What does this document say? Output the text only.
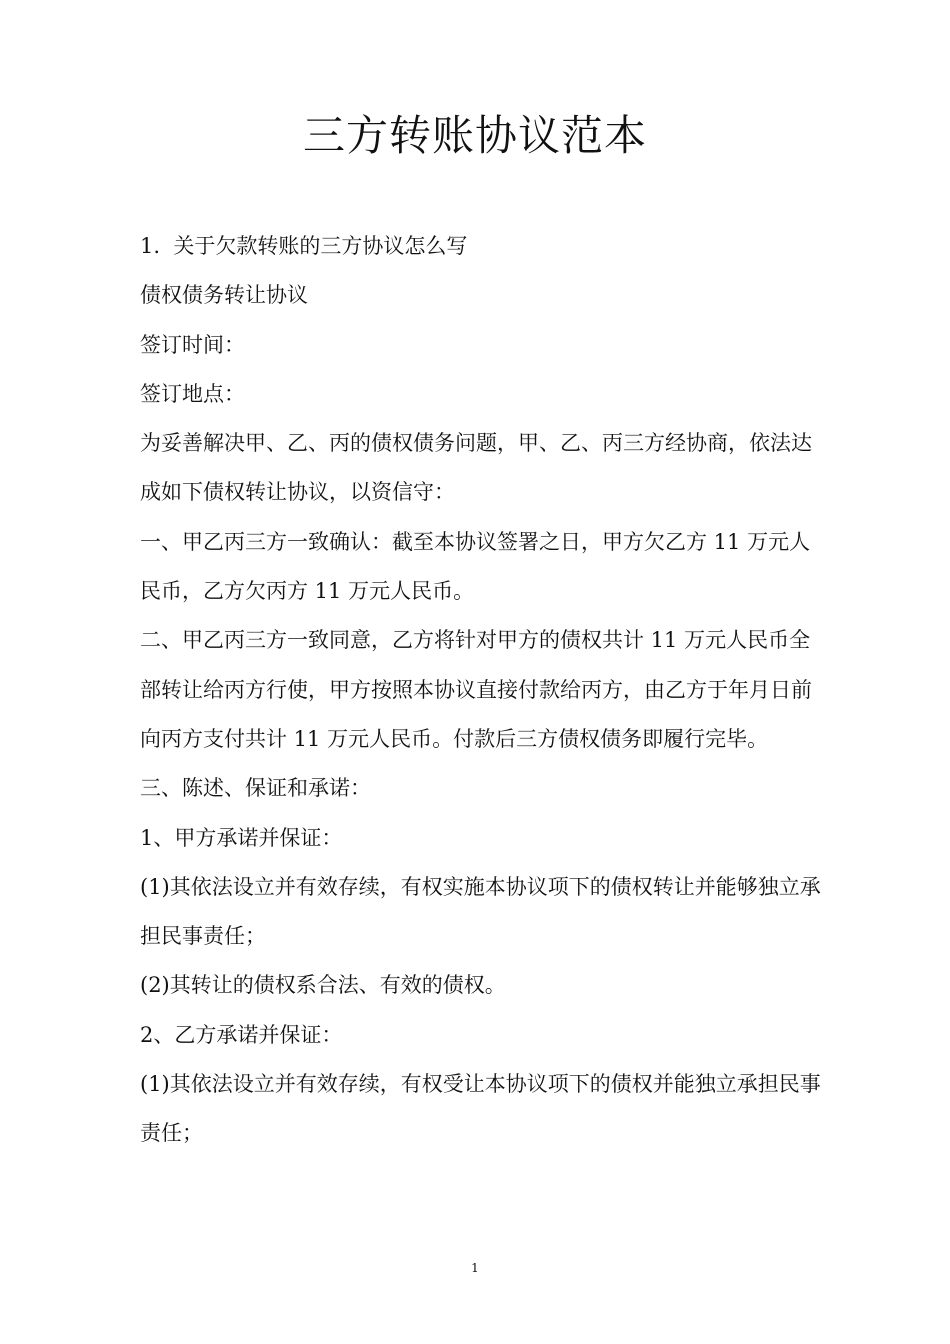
三方转账协议范本

1.  关于欠款转账的三方协议怎么写

债权债务转让协议

签订时间：

签订地点：

为妥善解决甲、乙、丙的债权债务问题，甲、乙、丙三方经协商，依法达成如下债权转让协议，以资信守：

一、甲乙丙三方一致确认：截至本协议签署之日，甲方欠乙方 11 万元人民币，乙方欠丙方 11 万元人民币。

二、甲乙丙三方一致同意，乙方将针对甲方的债权共计 11 万元人民币全部转让给丙方行使，甲方按照本协议直接付款给丙方，由乙方于年月日前向丙方支付共计 11 万元人民币。付款后三方债权债务即履行完毕。

三、陈述、保证和承诺：

1、甲方承诺并保证：

(1)其依法设立并有效存续，有权实施本协议项下的债权转让并能够独立承担民事责任；

(2)其转让的债权系合法、有效的债权。

2、乙方承诺并保证：

(1)其依法设立并有效存续，有权受让本协议项下的债权并能独立承担民事责任；

1
